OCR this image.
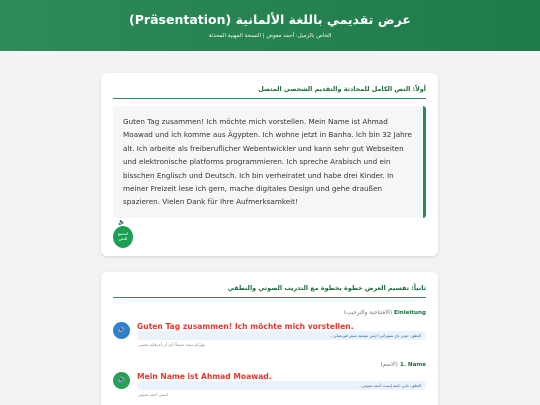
عرض تقديمي باللغة الألمانية (Präsentation)
الخاص بالزميل: أحمد معوض | النسخة المهنية المحدثة
أولاً: النص الكامل للمحادثة والتقديم الشخصي المتصل

Guten Tag zusammen! Ich möchte mich vorstellen. Mein Name ist Ahmad Moawad und ich komme aus Ägypten. Ich wohne jetzt in Banha. Ich bin 32 Jahre alt. Ich arbeite als freiberuflicher Webentwickler und kann sehr gut Webseiten und elektronische platforms programmieren. Ich spreche Arabisch und ein bisschen Englisch und Deutsch. Ich bin verheiratet und habe drei Kinder. In meiner Freizeit lese ich gern, mache digitales Design und gehe draußen spazieren. Vielen Dank für Ihre Aufmerksamkeit!

🔈
استمع للنص
ثانياً: تقسيم العرض خطوة بخطوة مع التدريب الصوتي والنطقي
(الافتتاحية والترحيب) Einleitung
🔊	Guten Tag zusammen! Ich möchte mich vorstellen.
النطق: جوتن تاج تسوزامن! إيش موشتِه ميش فورشتلن...
نهاركم سعيد جميعاً! أود أن أعرفكم بنفسي.
(الاسم) 1. Name
🔊	Mein Name ist Ahmad Moawad.
النطق: ماين ناميه إيست أحمد معوض...
اسمي أحمد معوض.
